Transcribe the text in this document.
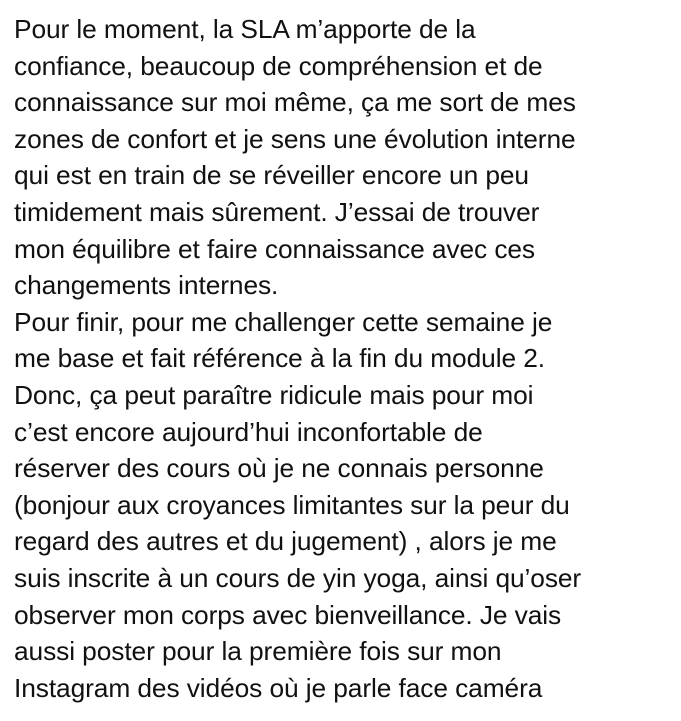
Pour le moment, la SLA m’apporte de la
confiance, beaucoup de compréhension et de
connaissance sur moi même, ça me sort de mes
zones de confort et je sens une évolution interne
qui est en train de se réveiller encore un peu
timidement mais sûrement. J’essai de trouver
mon équilibre et faire connaissance avec ces
changements internes.
Pour finir, pour me challenger cette semaine je
me base et fait référence à la fin du module 2.
Donc, ça peut paraître ridicule mais pour moi
c’est encore aujourd’hui inconfortable de
réserver des cours où je ne connais personne
(bonjour aux croyances limitantes sur la peur du
regard des autres et du jugement) , alors je me
suis inscrite à un cours de yin yoga, ainsi qu’oser
observer mon corps avec bienveillance. Je vais
aussi poster pour la première fois sur mon
Instagram des vidéos où je parle face caméra
